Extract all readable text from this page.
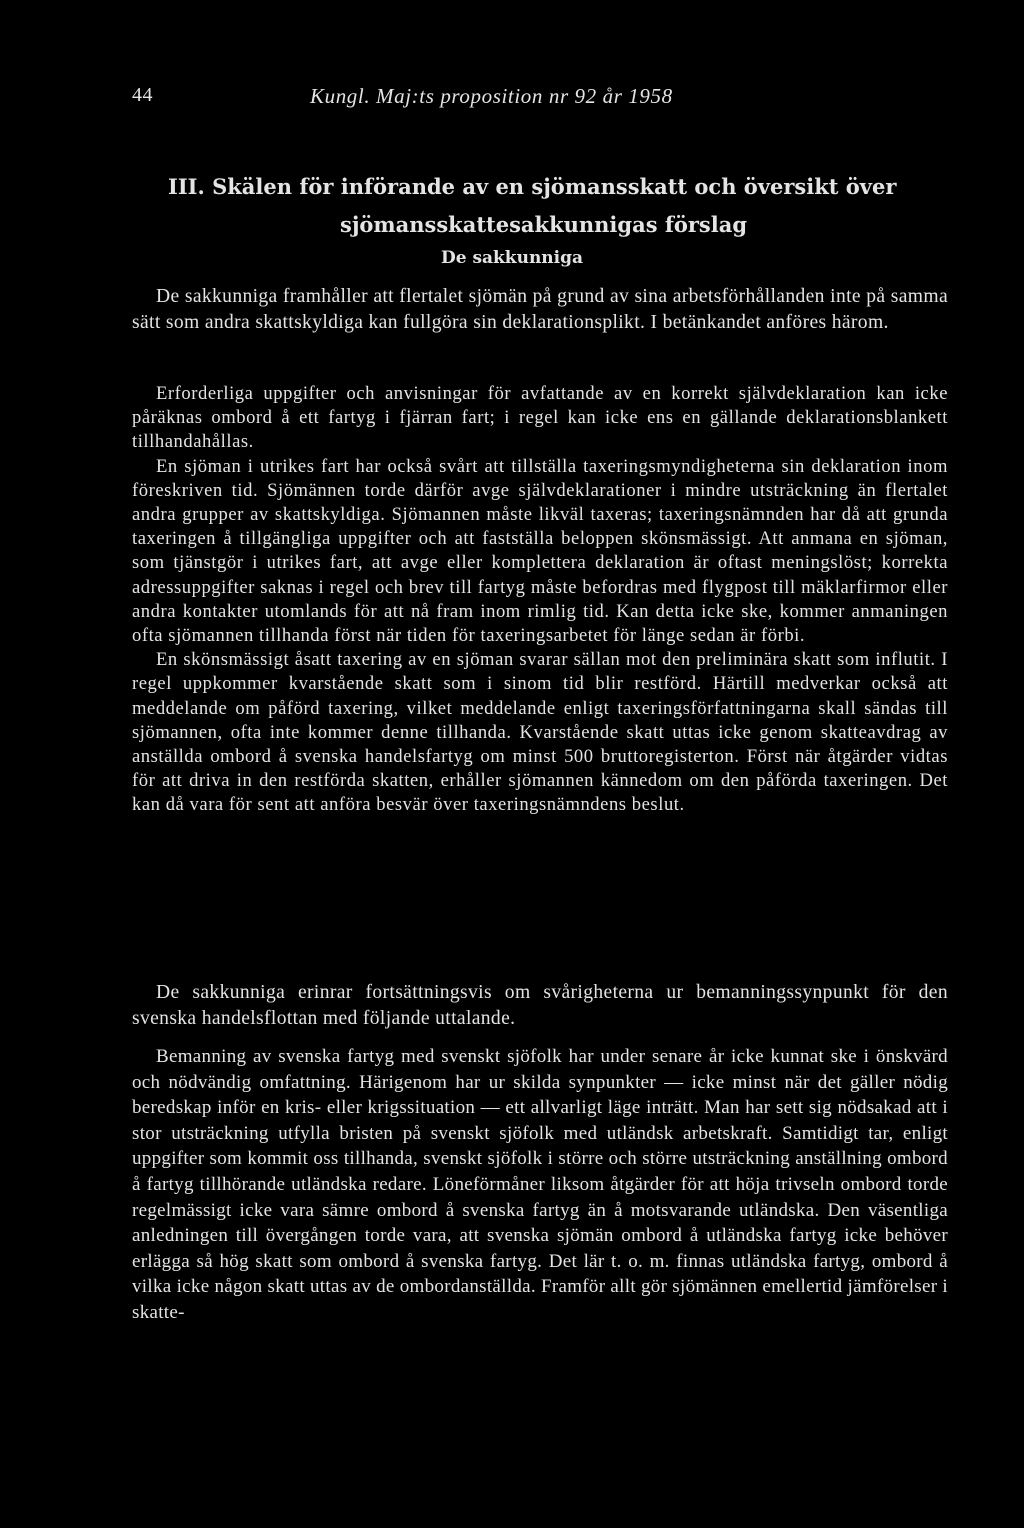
44	Kungl. Maj:ts proposition nr 92 år 1958
III. Skälen för införande av en sjömansskatt och översikt över
sjömansskattesakkunnigas förslag
De sakkunniga

De sakkunniga framhåller att flertalet sjömän på grund av sina arbetsförhållanden inte på samma sätt som andra skattskyldiga kan fullgöra sin deklarationsplikt. I betänkandet anföres härom.

Erforderliga uppgifter och anvisningar för avfattande av en korrekt självdeklaration kan icke påräknas ombord å ett fartyg i fjärran fart; i regel kan icke ens en gällande deklarationsblankett tillhandahållas.

En sjöman i utrikes fart har också svårt att tillställa taxeringsmyndigheterna sin deklaration inom föreskriven tid. Sjömännen torde därför avge självdeklarationer i mindre utsträckning än flertalet andra grupper av skattskyldiga. Sjömannen måste likväl taxeras; taxeringsnämnden har då att grunda taxeringen å tillgängliga uppgifter och att fastställa beloppen skönsmässigt. Att anmana en sjöman, som tjänstgör i utrikes fart, att avge eller komplettera deklaration är oftast meningslöst; korrekta adressuppgifter saknas i regel och brev till fartyg måste befordras med flygpost till mäklarfirmor eller andra kontakter utomlands för att nå fram inom rimlig tid. Kan detta icke ske, kommer anmaningen ofta sjömannen tillhanda först när tiden för taxeringsarbetet för länge sedan är förbi.

En skönsmässigt åsatt taxering av en sjöman svarar sällan mot den preliminära skatt som influtit. I regel uppkommer kvarstående skatt som i sinom tid blir restförd. Härtill medverkar också att meddelande om påförd taxering, vilket meddelande enligt taxeringsförfattningarna skall sändas till sjömannen, ofta inte kommer denne tillhanda. Kvarstående skatt uttas icke genom skatteavdrag av anställda ombord å svenska handelsfartyg om minst 500 bruttoregisterton. Först när åtgärder vidtas för att driva in den restförda skatten, erhåller sjömannen kännedom om den påförda taxeringen. Det kan då vara för sent att anföra besvär över taxeringsnämndens beslut.

De sakkunniga erinrar fortsättningsvis om svårigheterna ur bemanningssynpunkt för den svenska handelsflottan med följande uttalande.

Bemanning av svenska fartyg med svenskt sjöfolk har under senare år icke kunnat ske i önskvärd och nödvändig omfattning. Härigenom har ur skilda synpunkter — icke minst när det gäller nödig beredskap inför en kris- eller krigssituation — ett allvarligt läge inträtt. Man har sett sig nödsakad att i stor utsträckning utfylla bristen på svenskt sjöfolk med utländsk arbetskraft. Samtidigt tar, enligt uppgifter som kommit oss tillhanda, svenskt sjöfolk i större och större utsträckning anställning ombord å fartyg tillhörande utländska redare. Löneförmåner liksom åtgärder för att höja trivseln ombord torde regelmässigt icke vara sämre ombord å svenska fartyg än å motsvarande utländska. Den väsentliga anledningen till övergången torde vara, att svenska sjömän ombord å utländska fartyg icke behöver erlägga så hög skatt som ombord å svenska fartyg. Det lär t. o. m. finnas utländska fartyg, ombord å vilka icke någon skatt uttas av de ombordanställda. Framför allt gör sjömännen emellertid jämförelser i skatte-
